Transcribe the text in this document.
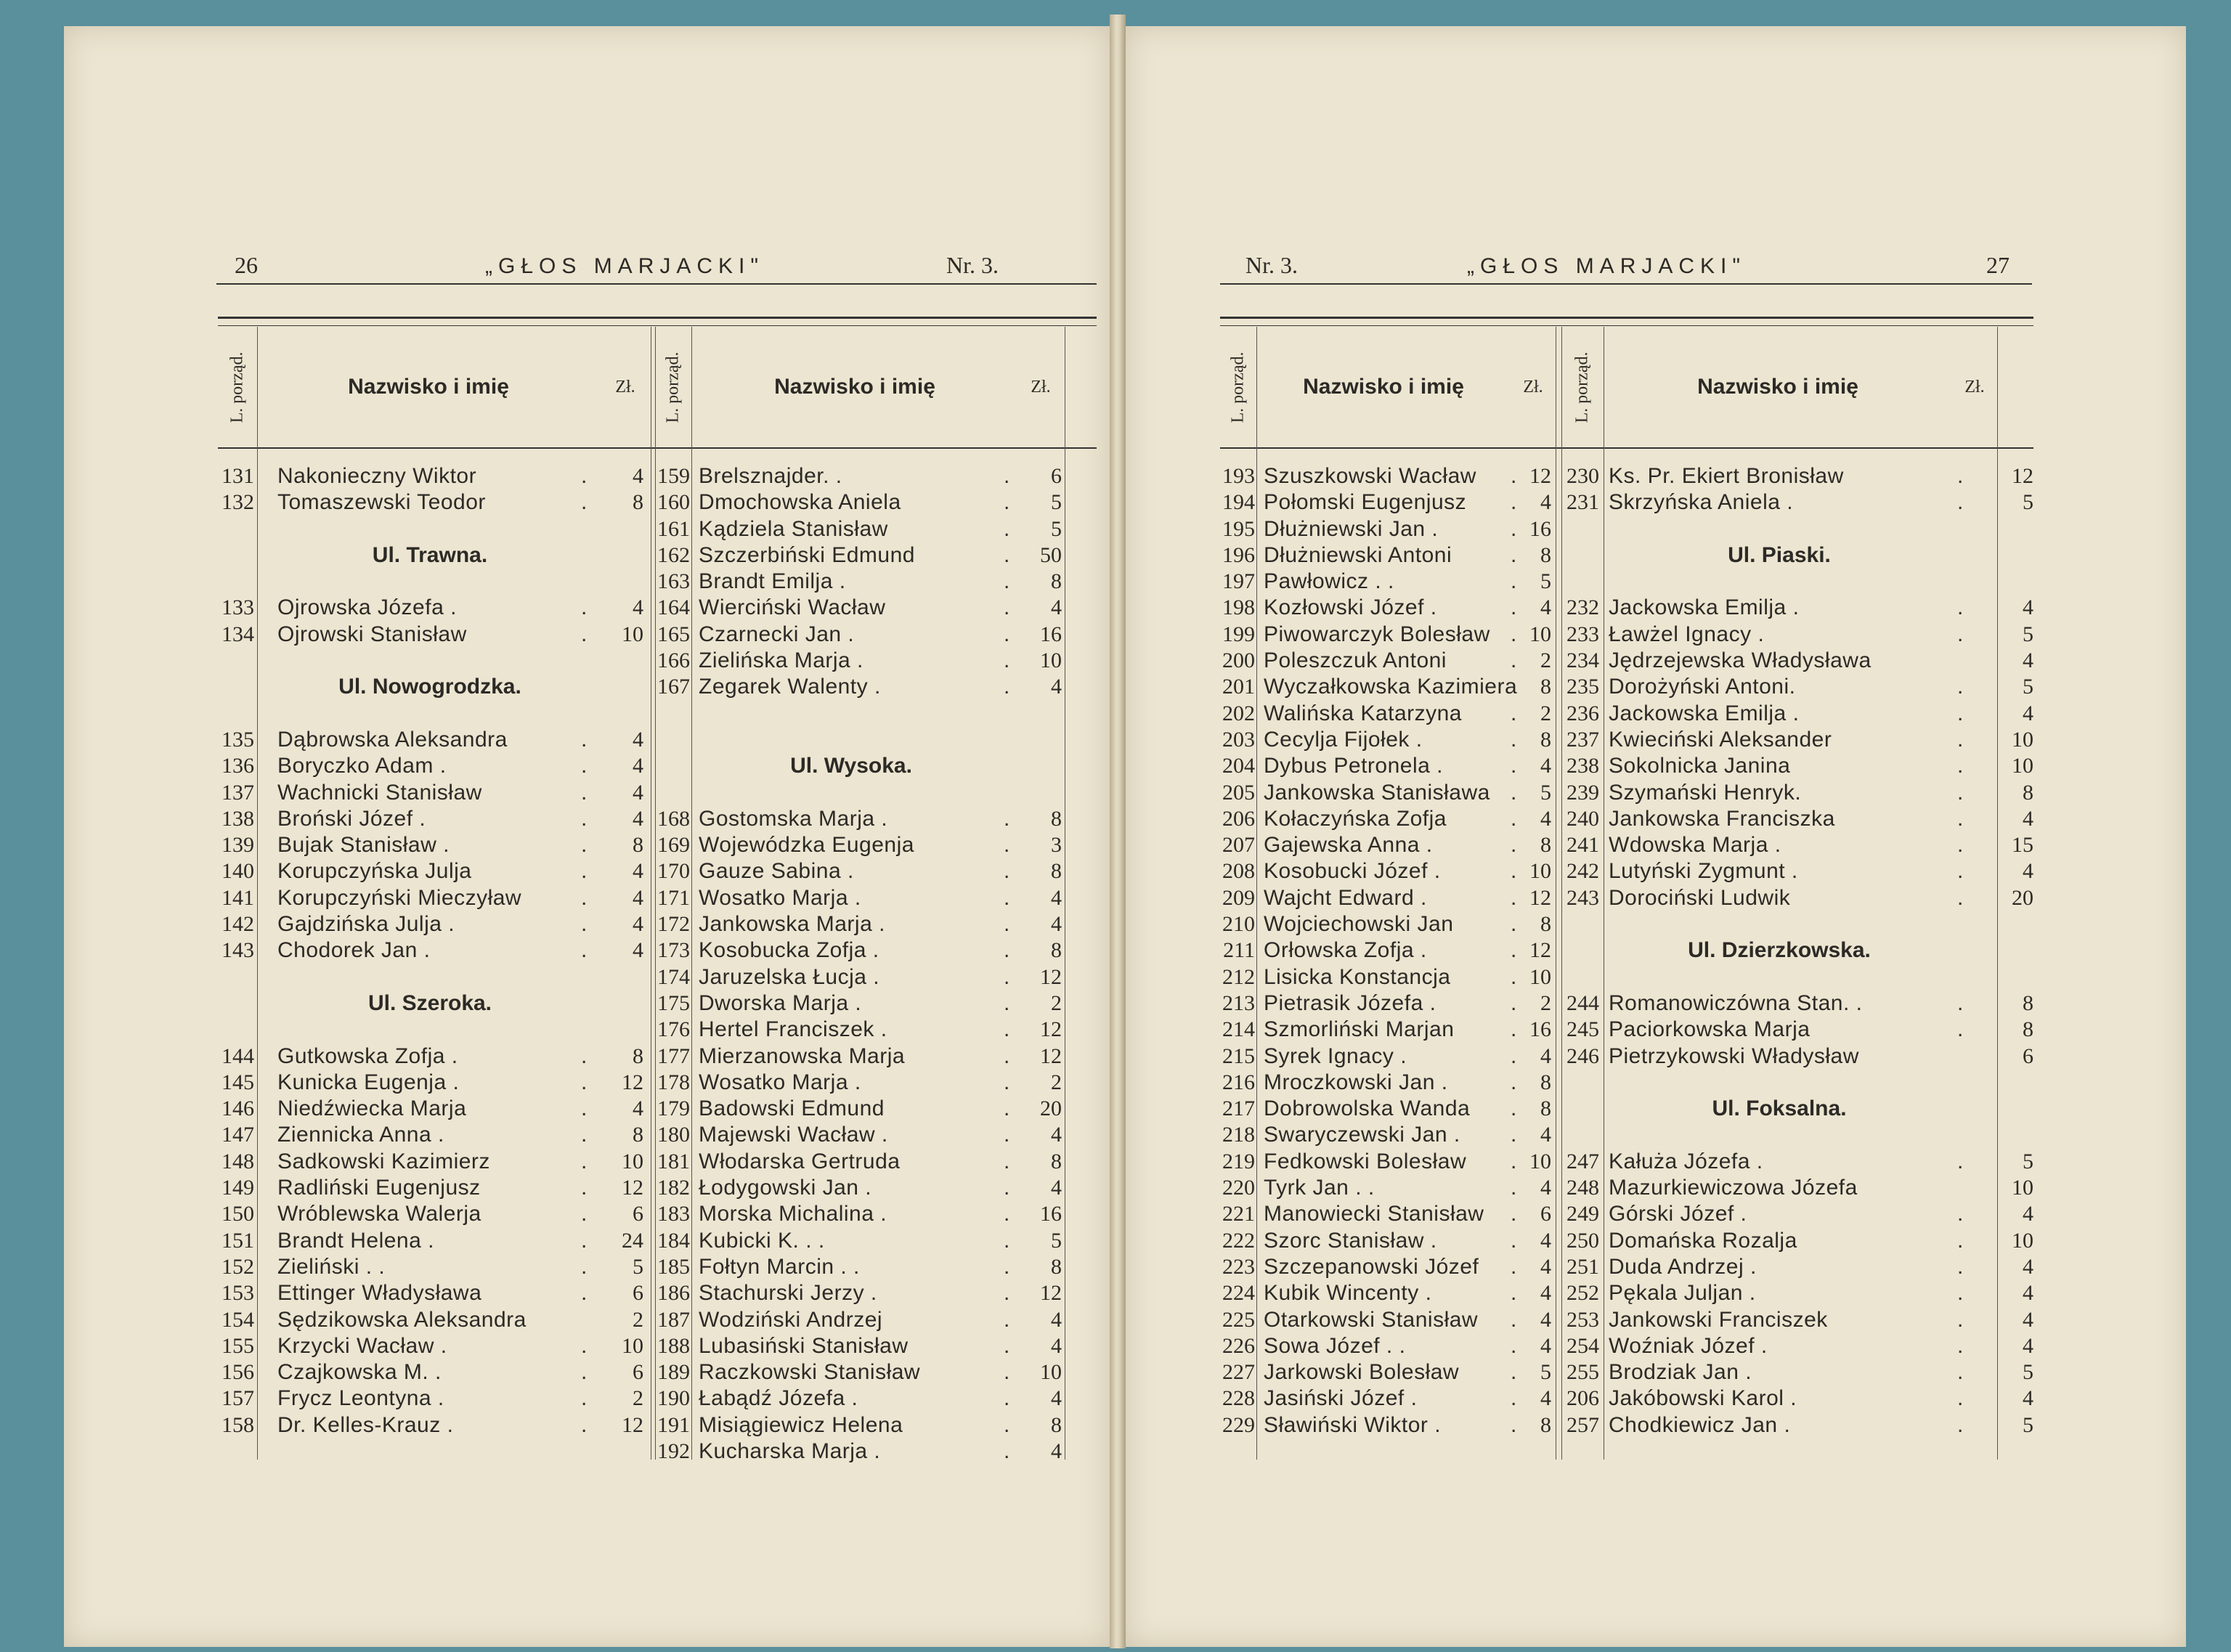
26	„GŁOS MARJACKI"	Nr. 3.
L. porząd.	Nazwisko i imię	Zł.	L. porząd.	Nazwisko i imię	Zł.
131 Nakonieczny Wiktor	.	4
132 Tomaszewski Teodor	.	8
Ul. Trawna.
133 Ojrowska Józefa .	.	4
134 Ojrowski Stanisław	.	10
Ul. Nowogrodzka.
135 Dąbrowska Aleksandra	.	4
136 Boryczko Adam .	.	4
137 Wachnicki Stanisław	.	4
138 Broński Józef .	.	4
139 Bujak Stanisław .	.	8
140 Korupczyńska Julja	.	4
141 Korupczyński Mieczyław	.	4
142 Gajdzińska Julja .	.	4
143 Chodorek Jan .	.	4
Ul. Szeroka.
144 Gutkowska Zofja .	.	8
145 Kunicka Eugenja .	.	12
146 Niedźwiecka Marja	.	4
147 Ziennicka Anna .	.	8
148 Sadkowski Kazimierz	.	10
149 Radliński Eugenjusz	.	12
150 Wróblewska Walerja	.	6
151 Brandt Helena .	.	24
152 Zieliński . .	.	5
153 Ettinger Władysława	.	6
154 Sędzikowska Aleksandra	2
155 Krzycki Wacław .	.	10
156 Czajkowska M. .	.	6
157 Frycz Leontyna .	.	2
158 Dr. Kelles-Krauz .	.	12
159 Brelsznajder. .	.	6
160 Dmochowska Aniela	.	5
161 Kądziela Stanisław	.	5
162 Szczerbiński Edmund	.	50
163 Brandt Emilja .	.	8
164 Wierciński Wacław	.	4
165 Czarnecki Jan .	.	16
166 Zielińska Marja .	.	10
167 Zegarek Walenty .	.	4
Ul. Wysoka.
168 Gostomska Marja .	.	8
169 Wojewódzka Eugenja	.	3
170 Gauze Sabina .	.	8
171 Wosatko Marja .	.	4
172 Jankowska Marja .	.	4
173 Kosobucka Zofja .	.	8
174 Jaruzelska Łucja .	.	12
175 Dworska Marja .	.	2
176 Hertel Franciszek .	.	12
177 Mierzanowska Marja	.	12
178 Wosatko Marja .	.	2
179 Badowski Edmund	.	20
180 Majewski Wacław .	.	4
181 Włodarska Gertruda	.	8
182 Łodygowski Jan .	.	4
183 Morska Michalina .	.	16
184 Kubicki K. . .	.	5
185 Fołtyn Marcin . .	.	8
186 Stachurski Jerzy .	.	12
187 Wodziński Andrzej	.	4
188 Lubasiński Stanisław	.	4
189 Raczkowski Stanisław	.	10
190 Łabądź Józefa .	.	4
191 Misiągiewicz Helena	.	8
192 Kucharska Marja .	.	4
Nr. 3.	„GŁOS MARJACKI"	27
L. porząd.	Nazwisko i imię	Zł.	L. porząd.	Nazwisko i imię	Zł.
193 Szuszkowski Wacław . 12
194 Połomski Eugenjusz .	4
195 Dłużniewski Jan .	. 16
196 Dłużniewski Antoni	.	8
197 Pawłowicz . .	.	5
198 Kozłowski Józef .	.	4
199 Piwowarczyk Bolesław . 10
200 Poleszczuk Antoni	.	2
201 Wyczałkowska Kazimiera	8
202 Walińska Katarzyna .	2
203 Cecylja Fijołek .	.	8
204 Dybus Petronela .	.	4
205 Jankowska Stanisława .	5
206 Kołaczyńska Zofja	.	4
207 Gajewska Anna .	.	8
208 Kosobucki Józef .	. 10
209 Wajcht Edward .	. 12
210 Wojciechowski Jan	.	8
211 Orłowska Zofja .	. 12
212 Lisicka Konstancja	. 10
213 Pietrasik Józefa .	.	2
214 Szmorliński Marjan	. 16
215 Syrek Ignacy .	.	4
216 Mroczkowski Jan .	.	8
217 Dobrowolska Wanda .	8
218 Swaryczewski Jan . .	4
219 Fedkowski Bolesław . 10
220 Tyrk Jan . .	.	4
221 Manowiecki Stanisław .	6
222 Szorc Stanisław .	.	4
223 Szczepanowski Józef .	4
224 Kubik Wincenty .	.	4
225 Otarkowski Stanisław .	4
226 Sowa Józef . .	.	4
227 Jarkowski Bolesław .	5
228 Jasiński Józef .	.	4
229 Sławiński Wiktor .	.	8
230 Ks. Pr. Ekiert Bronisław	.	12
231 Skrzyńska Aniela .	.	5
Ul. Piaski.
232 Jackowska Emilja .	.	4
233 Ławżel Ignacy .	.	5
234 Jędrzejewska Władysława	4
235 Dorożyński Antoni.	.	5
236 Jackowska Emilja .	.	4
237 Kwieciński Aleksander	.	10
238 Sokolnicka Janina	.	10
239 Szymański Henryk.	.	8
240 Jankowska Franciszka	.	4
241 Wdowska Marja .	.	15
242 Lutyński Zygmunt .	.	4
243 Dorociński Ludwik	.	20
Ul. Dzierzkowska.
244 Romanowiczówna Stan. .	.	8
245 Paciorkowska Marja	.	8
246 Pietrzykowski Władysław	6
Ul. Foksalna.
247 Kałuża Józefa .	.	5
248 Mazurkiewiczowa Józefa	10
249 Górski Józef .	.	4
250 Domańska Rozalja	.	10
251 Duda Andrzej .	.	4
252 Pękala Juljan .	.	4
253 Jankowski Franciszek	.	4
254 Woźniak Józef .	.	4
255 Brodziak Jan .	.	5
206 Jakóbowski Karol .	.	4
257 Chodkiewicz Jan .	.	5
